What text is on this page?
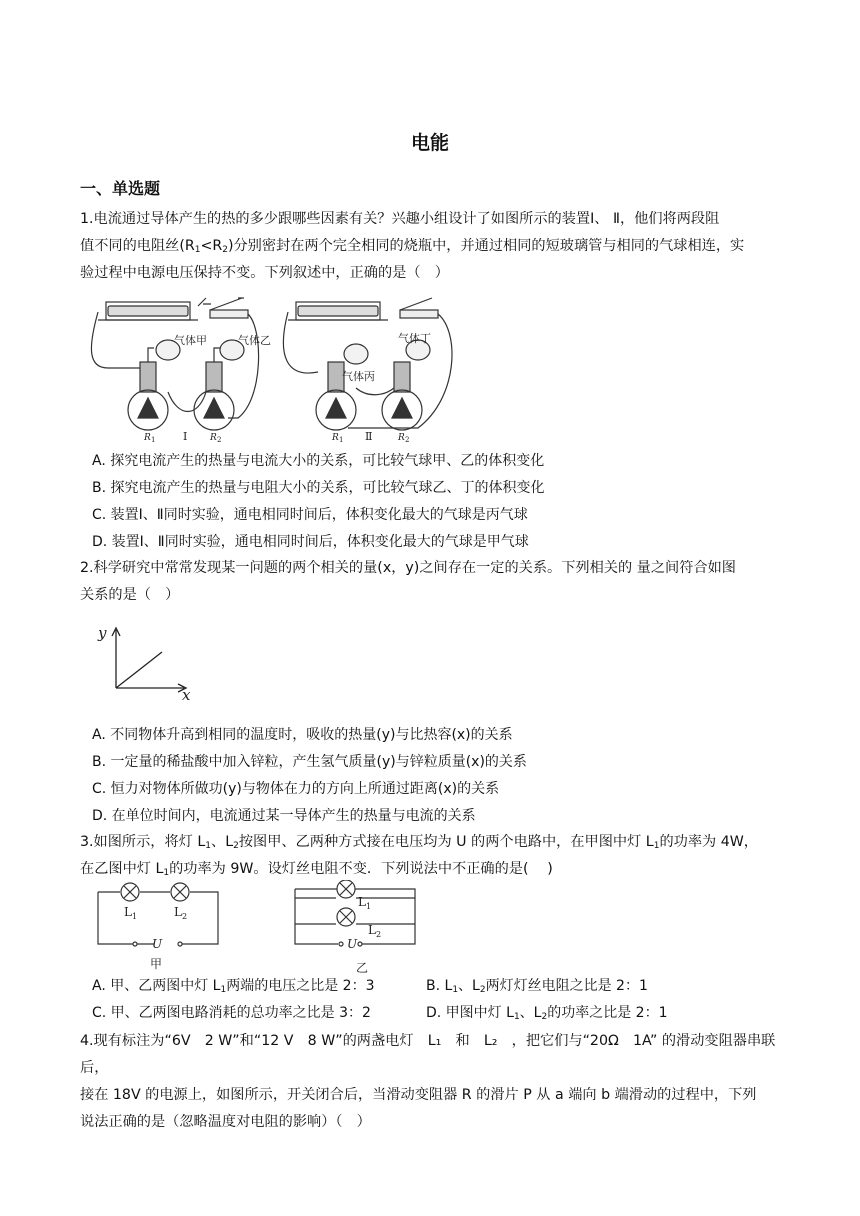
电能
一、单选题
1.电流通过导体产生的热的多少跟哪些因素有关？兴趣小组设计了如图所示的装置Ⅰ、 Ⅱ，他们将两段阻
值不同的电阻丝$(R_1<R_2)$分别密封在两个完全相同的烧瓶中，并通过相同的短玻璃管与相同的气球相连，实
验过程中电源电压保持不变。下列叙述中，正确的是（　）
气体甲	气体乙
气体丙
气体丁
R 1	R 2
Ⅰ	R 1	R 2
Ⅱ
A. 探究电流产生的热量与电流大小的关系，可比较气球甲、乙的体积变化
B. 探究电流产生的热量与电阻大小的关系，可比较气球乙、丁的体积变化
C. 装置Ⅰ、Ⅱ同时实验，通电相同时间后，体积变化最大的气球是丙气球
D. 装置Ⅰ、Ⅱ同时实验，通电相同时间后，体积变化最大的气球是甲气球
2.科学研究中常常发现某一问题的两个相关的量(x，y)之间存在一定的关系。下列相关的 量之间符合如图
关系的是（　）
y
x
A. 不同物体升高到相同的温度时，吸收的热量(y)与比热容(x)的关系
B. 一定量的稀盐酸中加入锌粒，产生氢气质量(y)与锌粒质量(x)的关系
C. 恒力对物体所做功(y)与物体在力的方向上所通过距离(x)的关系
D. 在单位时间内，电流通过某一导体产生的热量与电流的关系
3.如图所示，将灯 $L_1$、$L_2$按图甲、乙两种方式接在电压均为 U 的两个电路中，在甲图中灯 $L_1$的功率为 4W，
在乙图中灯 $L_1$的功率为 9W。设灯丝电阻不变．下列说法中不正确的是(　 )
L 1	L 2
U
甲
L 1
L 2
U
乙
A. 甲、乙两图中灯 $L_1$两端的电压之比是 2：3	B. $L_1$、$L_2$两灯灯丝电阻之比是 2：1
C. 甲、乙两图电路消耗的总功率之比是 3：2	D. 甲图中灯 $L_1$、$L_2$的功率之比是 2：1
4.现有标注为“6V　2 W”和“12 V　8 W”的两盏电灯　L₁　和　L₂　，把它们与“20Ω　1A” 的滑动变阻器串联后，
接在 18V 的电源上，如图所示，开关闭合后，当滑动变阻器 R 的滑片 P 从 a 端向 b 端滑动的过程中，下列
说法正确的是（忽略温度对电阻的影响）（　）
